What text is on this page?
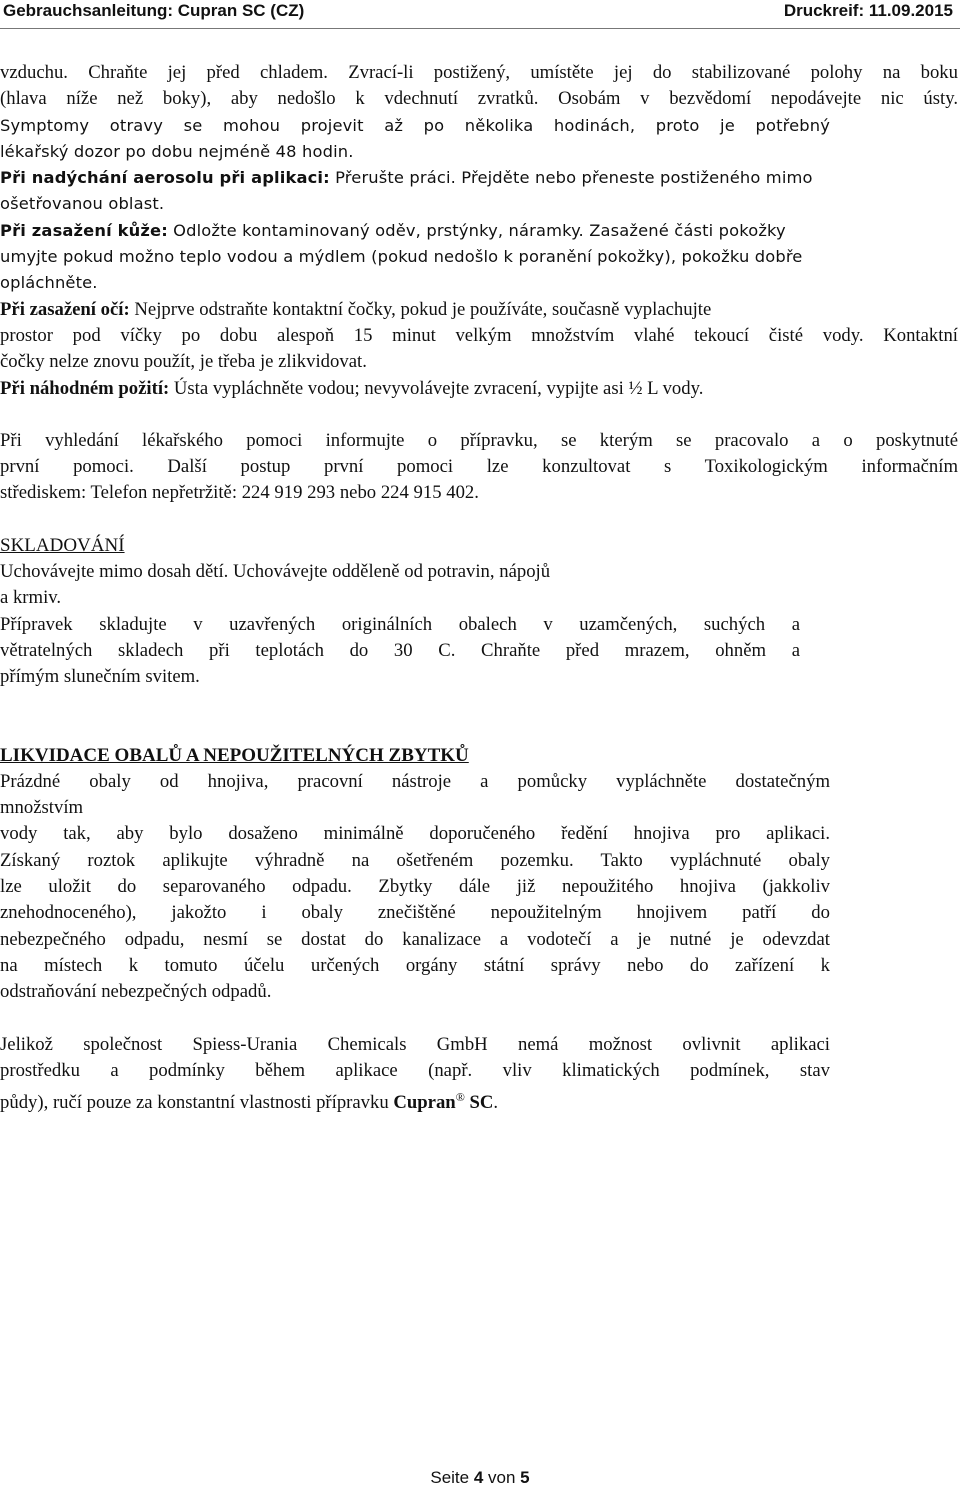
Gebrauchsanleitung: Cupran SC (CZ)	Druckreif: 11.09.2015
vzduchu. Chraňte jej před chladem. Zvrací-li postižený, umístěte jej do stabilizované polohy na boku
(hlava níže než boky), aby nedošlo k vdechnutí zvratků. Osobám v bezvědomí nepodávejte nic ústy.
Symptomy otravy se mohou projevit až po několika hodinách, proto je potřebný
lékařský dozor po dobu nejméně 48 hodin.
Při nadýchání aerosolu při aplikaci: Přerušte práci. Přejděte nebo přeneste postiženého mimo
ošetřovanou oblast.
Při zasažení kůže: Odložte kontaminovaný oděv, prstýnky, náramky. Zasažené části pokožky
umyjte pokud možno teplo vodou a mýdlem (pokud nedošlo k poranění pokožky), pokožku dobře
opláchněte.
Při zasažení očí: Nejprve odstraňte kontaktní čočky, pokud je používáte, současně vyplachujte
prostor pod víčky po dobu alespoň 15 minut velkým množstvím vlahé tekoucí čisté vody. Kontaktní
čočky nelze znovu použít, je třeba je zlikvidovat.
Při náhodném požití: Ústa vypláchněte vodou; nevyvolávejte zvracení, vypijte asi ½ L vody.
Při vyhledání lékařského pomoci informujte o přípravku, se kterým se pracovalo a o poskytnuté
první pomoci. Další postup první pomoci lze konzultovat s Toxikologickým informačním
střediskem: Telefon nepřetržitě: 224 919 293 nebo 224 915 402.
SKLADOVÁNÍ
Uchovávejte mimo dosah dětí. Uchovávejte odděleně od potravin, nápojů
a krmiv.
Přípravek skladujte v uzavřených originálních obalech v uzamčených, suchých a
větratelných skladech při teplotách do 30 C. Chraňte před mrazem, ohněm a
přímým slunečním svitem.
LIKVIDACE OBALŮ A NEPOUŽITELNÝCH ZBYTKŮ
Prázdné obaly od hnojiva, pracovní nástroje a pomůcky vypláchněte dostatečným
množstvím
vody tak, aby bylo dosaženo minimálně doporučeného ředění hnojiva pro aplikaci.
Získaný roztok aplikujte výhradně na ošetřeném pozemku. Takto vypláchnuté obaly
lze uložit do separovaného odpadu. Zbytky dále již nepoužitého hnojiva (jakkoliv
znehodnoceného), jakožto i obaly znečištěné nepoužitelným hnojivem patří do
nebezpečného odpadu, nesmí se dostat do kanalizace a vodotečí a je nutné je odevzdat
na místech k tomuto účelu určených orgány státní správy nebo do zařízení k
odstraňování nebezpečných odpadů.
Jelikož společnost Spiess-Urania Chemicals GmbH nemá možnost ovlivnit aplikaci
prostředku a podmínky během aplikace (např. vliv klimatických podmínek, stav
půdy), ručí pouze za konstantní vlastnosti přípravku Cupran® SC.
Seite 4 von 5
